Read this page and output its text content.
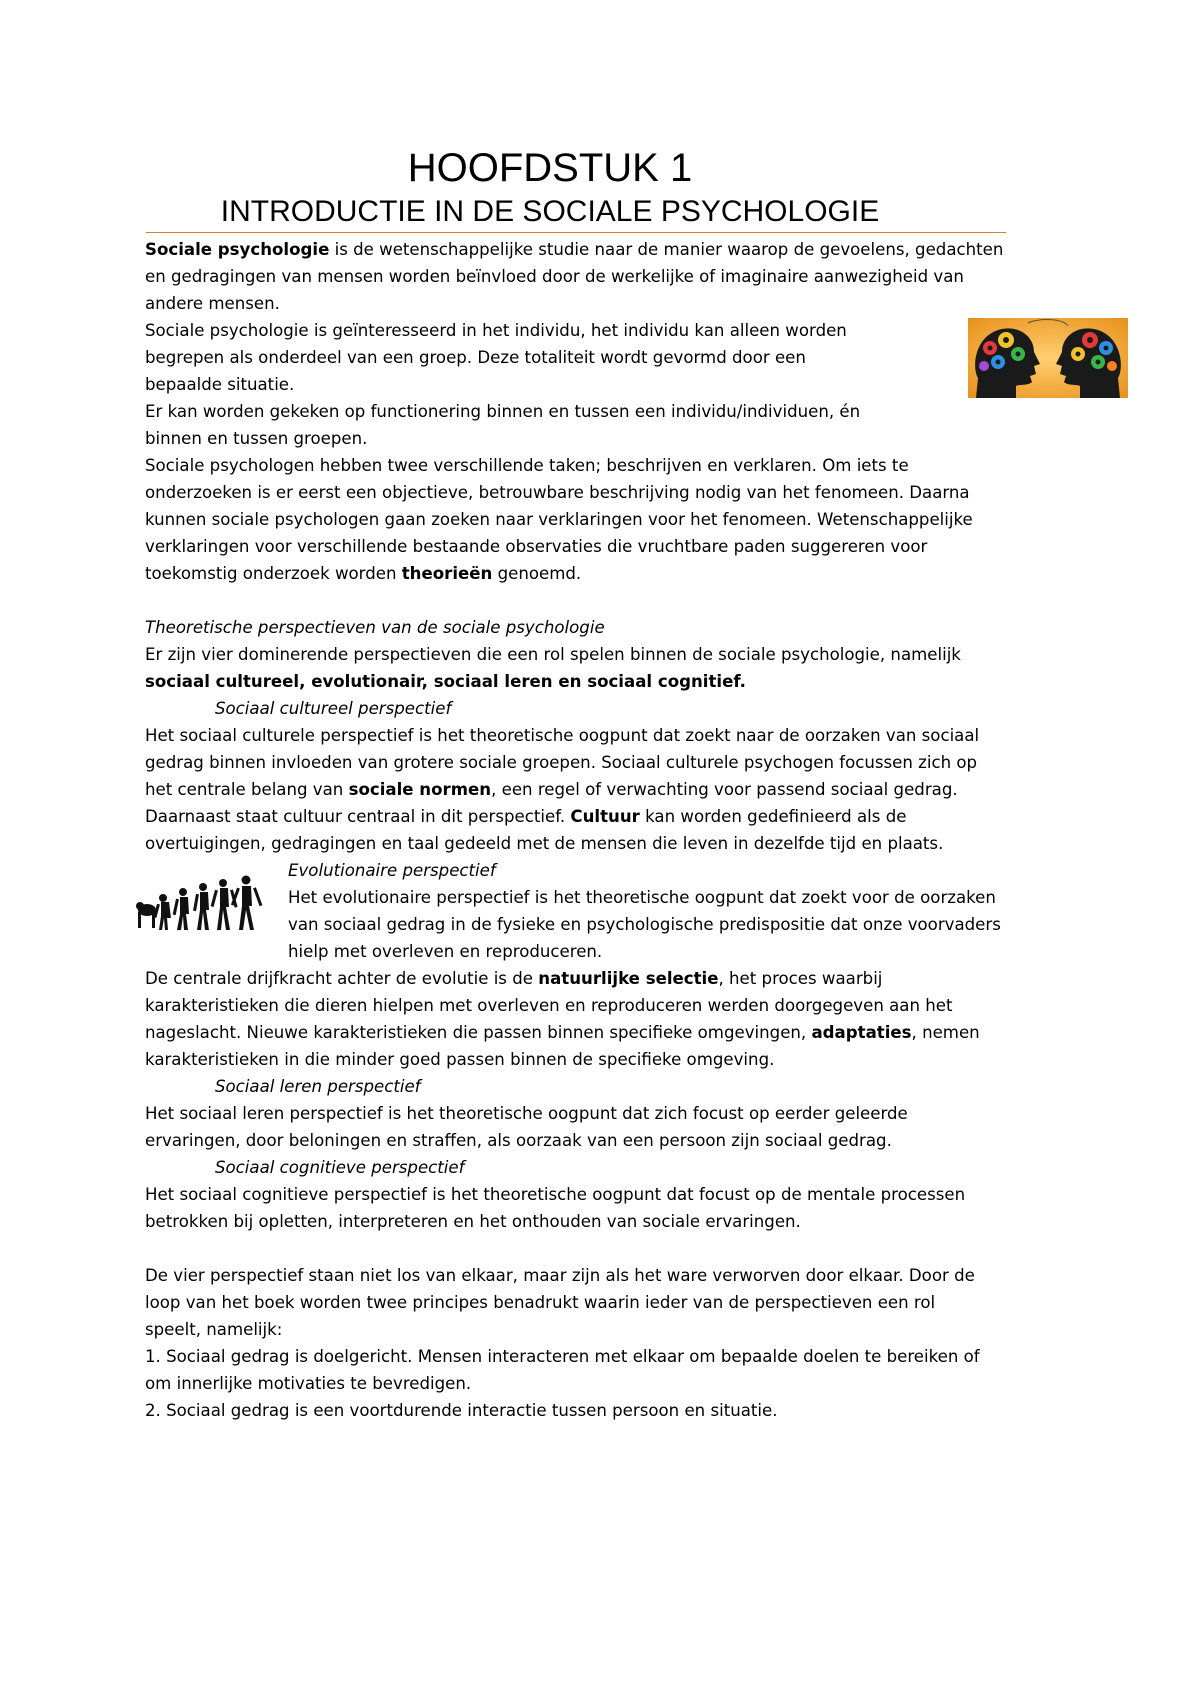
HOOFDSTUK 1
INTRODUCTIE IN DE SOCIALE PSYCHOLOGIE

Sociale psychologie is de wetenschappelijke studie naar de manier waarop de gevoelens, gedachten

en gedragingen van mensen worden beïnvloed door de werkelijke of imaginaire aanwezigheid van

andere mensen.

Sociale psychologie is geïnteresseerd in het individu, het individu kan alleen worden

begrepen als onderdeel van een groep. Deze totaliteit wordt gevormd door een

bepaalde situatie.

Er kan worden gekeken op functionering binnen en tussen een individu/individuen, én

binnen en tussen groepen.

Sociale psychologen hebben twee verschillende taken; beschrijven en verklaren. Om iets te

onderzoeken is er eerst een objectieve, betrouwbare beschrijving nodig van het fenomeen. Daarna

kunnen sociale psychologen gaan zoeken naar verklaringen voor het fenomeen. Wetenschappelijke

verklaringen voor verschillende bestaande observaties die vruchtbare paden suggereren voor

toekomstig onderzoek worden theorieën genoemd.

Theoretische perspectieven van de sociale psychologie

Er zijn vier dominerende perspectieven die een rol spelen binnen de sociale psychologie, namelijk

sociaal cultureel, evolutionair, sociaal leren en sociaal cognitief.

Sociaal cultureel perspectief

Het sociaal culturele perspectief is het theoretische oogpunt dat zoekt naar de oorzaken van sociaal

gedrag binnen invloeden van grotere sociale groepen. Sociaal culturele psychogen focussen zich op

het centrale belang van sociale normen, een regel of verwachting voor passend sociaal gedrag.

Daarnaast staat cultuur centraal in dit perspectief. Cultuur kan worden gedefinieerd als de

overtuigingen, gedragingen en taal gedeeld met de mensen die leven in dezelfde tijd en plaats.

Evolutionaire perspectief

Het evolutionaire perspectief is het theoretische oogpunt dat zoekt voor de oorzaken

van sociaal gedrag in de fysieke en psychologische predispositie dat onze voorvaders

hielp met overleven en reproduceren.

De centrale drijfkracht achter de evolutie is de natuurlijke selectie, het proces waarbij

karakteristieken die dieren hielpen met overleven en reproduceren werden doorgegeven aan het

nageslacht. Nieuwe karakteristieken die passen binnen specifieke omgevingen, adaptaties, nemen

karakteristieken in die minder goed passen binnen de specifieke omgeving.

Sociaal leren perspectief

Het sociaal leren perspectief is het theoretische oogpunt dat zich focust op eerder geleerde

ervaringen, door beloningen en straffen, als oorzaak van een persoon zijn sociaal gedrag.

Sociaal cognitieve perspectief

Het sociaal cognitieve perspectief is het theoretische oogpunt dat focust op de mentale processen

betrokken bij opletten, interpreteren en het onthouden van sociale ervaringen.

De vier perspectief staan niet los van elkaar, maar zijn als het ware verworven door elkaar. Door de

loop van het boek worden twee principes benadrukt waarin ieder van de perspectieven een rol

speelt, namelijk:

1. Sociaal gedrag is doelgericht. Mensen interacteren met elkaar om bepaalde doelen te bereiken of

om innerlijke motivaties te bevredigen.

2. Sociaal gedrag is een voortdurende interactie tussen persoon en situatie.
